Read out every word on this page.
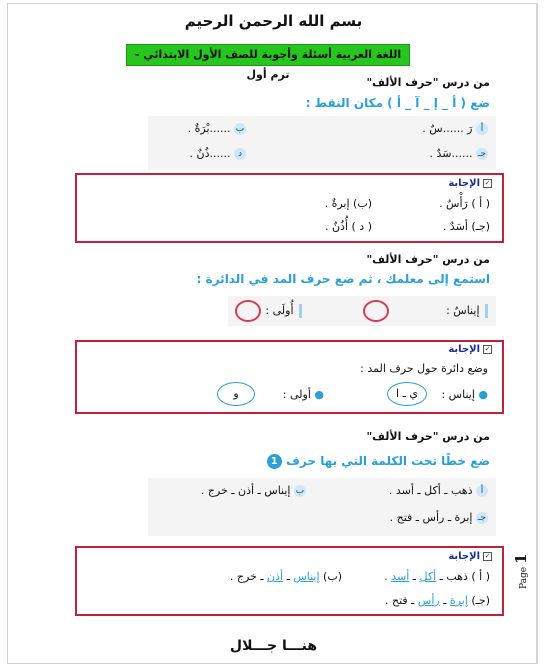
بسم الله الرحمن الرحيم
اللغة العربية أسئلة وأجوبة للصف الأول الابتدائي - ترم أول
من درس "حرف الألف"
ضع ( أ _ إ _ آ _ أ ) مكان النقط :
أ رَ ......سٌ .
ب ......بْرَةٌ .
جـ ......سَدٌ .
د ......ذُنٌ .
✓الإجابة
( أ ) رَأْسٌ .
(ب) إبرةٌ .
(جـ) أسَدٌ .
( د ) أُذُنٌ .
من درس "حرف الألف"
استمع إلى معلمك ، ثم ضع حرف المد في الدائرة :
إيناسٌ :
أُولَى :
✓الإجابة
وضع دائرة حول حرف المد :
● إيناس :
ي ـ ا
● أولى :
و
من درس "حرف الألف"
ضع خطًا تحت الكلمة التي بها حرف 1
أ ذهب ـ أكل ـ أسد .
ب إيناس ـ أذن ـ خرج .
جـ إبرة ـ رأس ـ فتح .
✓الإجابة
( أ ) ذهب ـ أكل ـ أسد .
(ب) إيناس ـ أذن ـ خرج .
(جـ) إبرة ـ رأس ـ فتح .
Page 1
هنـــا جـــلال
